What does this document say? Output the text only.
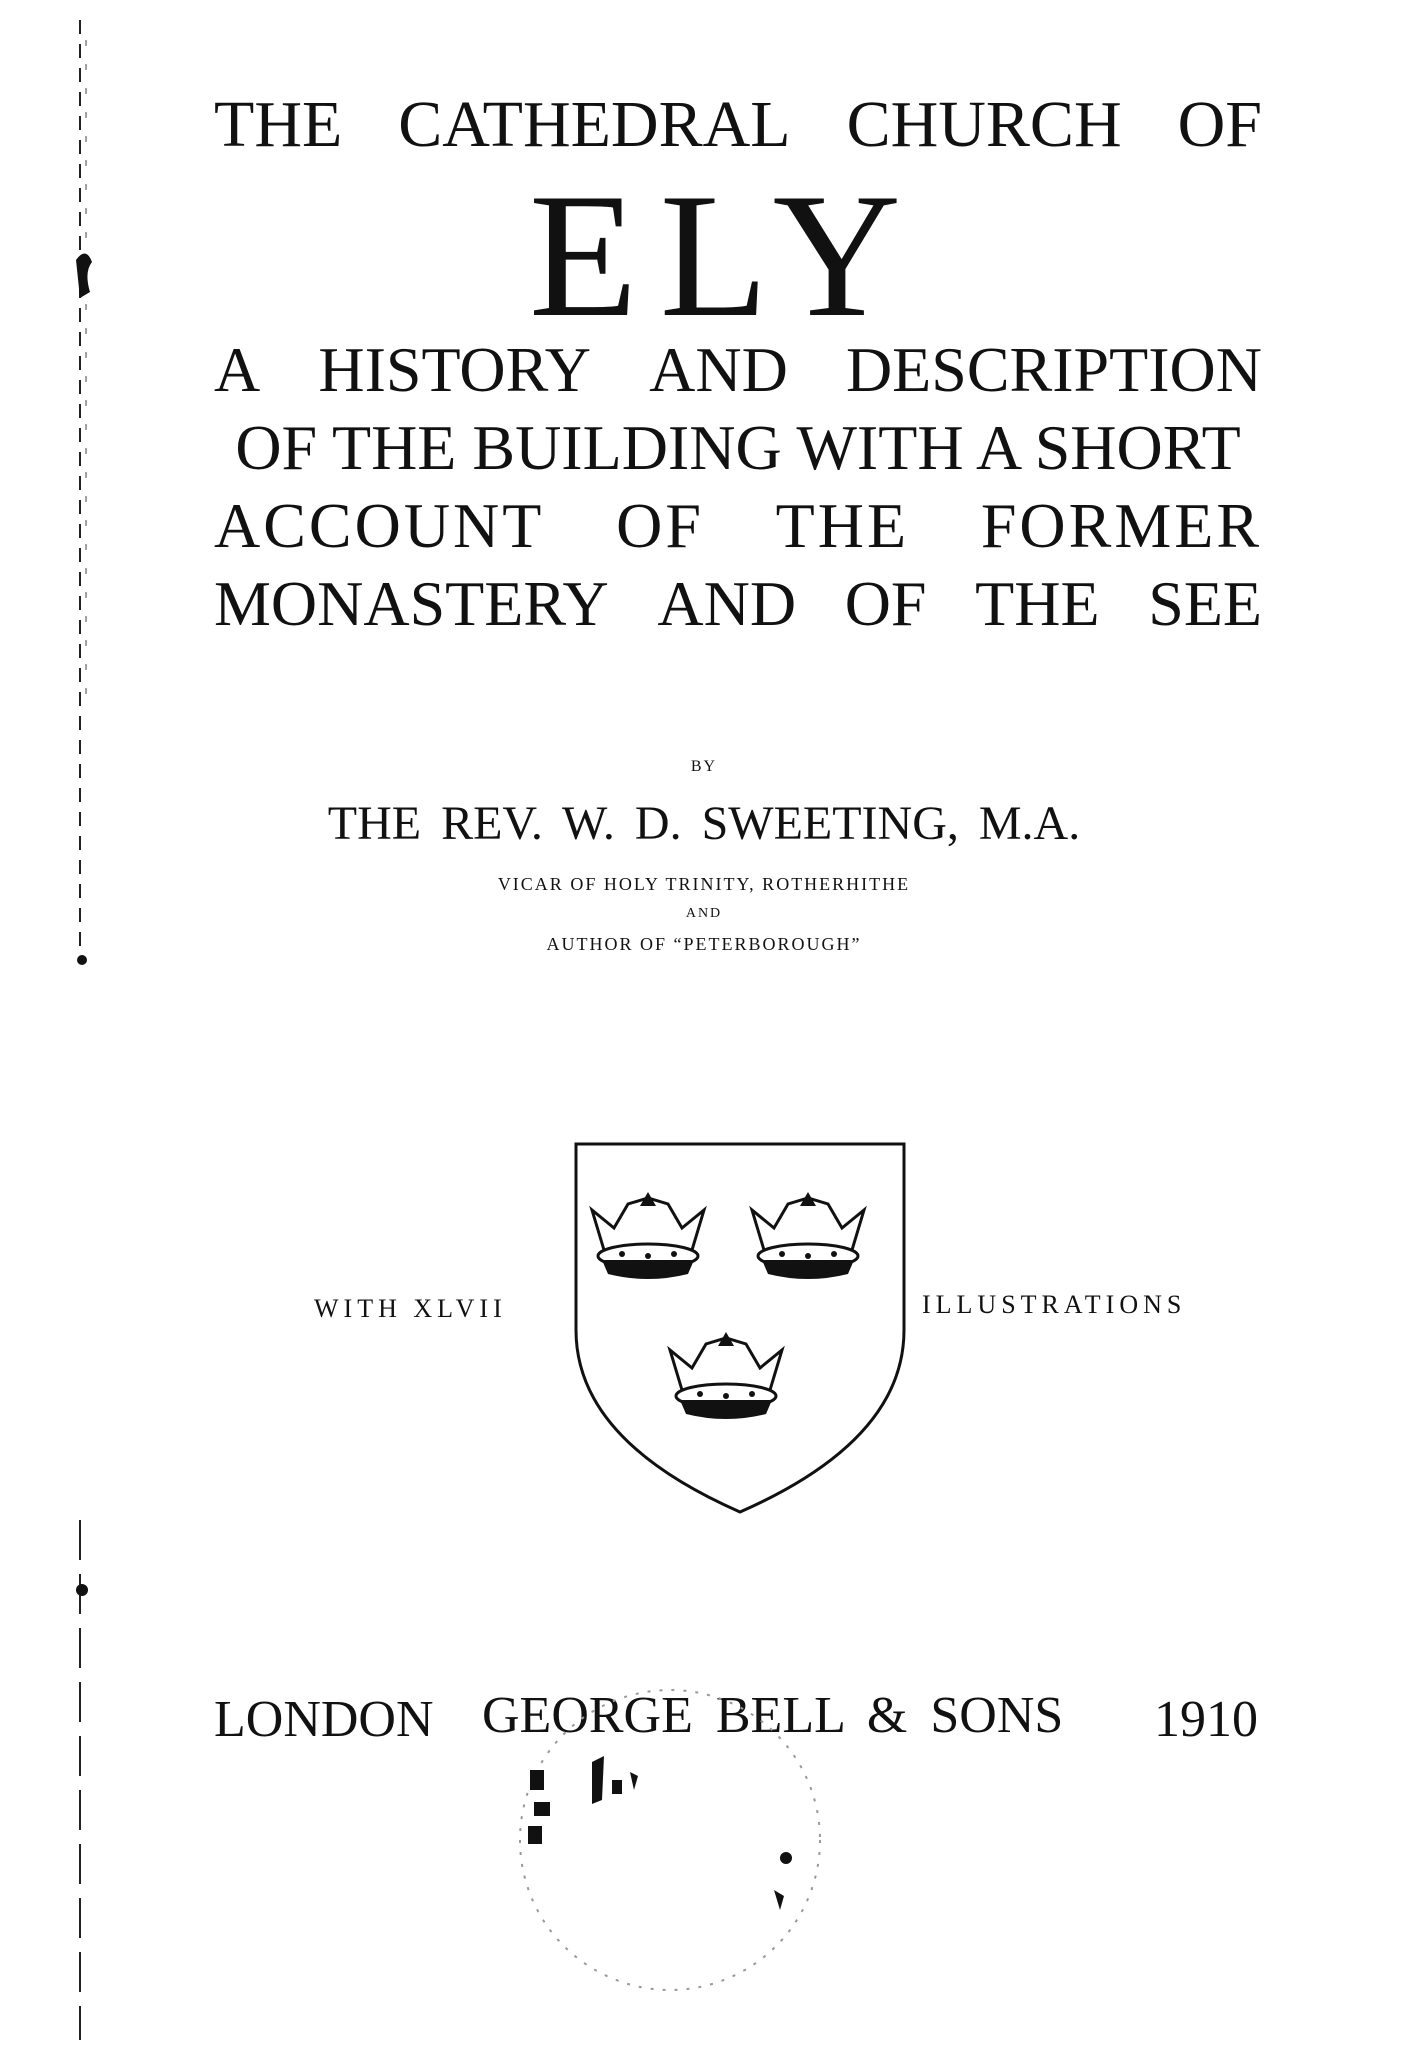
THE CATHEDRAL CHURCH OF
ELY
A HISTORY AND DESCRIPTION
OF THE BUILDING WITH A SHORT
ACCOUNT OF THE FORMER
MONASTERY AND OF THE SEE
BY
THE REV. W. D. SWEETING, M.A.
VICAR OF HOLY TRINITY, ROTHERHITHE
AND
AUTHOR OF “PETERBOROUGH”
WITH XLVII	ILLUSTRATIONS
LONDON GEORGE BELL & SONS 1910
